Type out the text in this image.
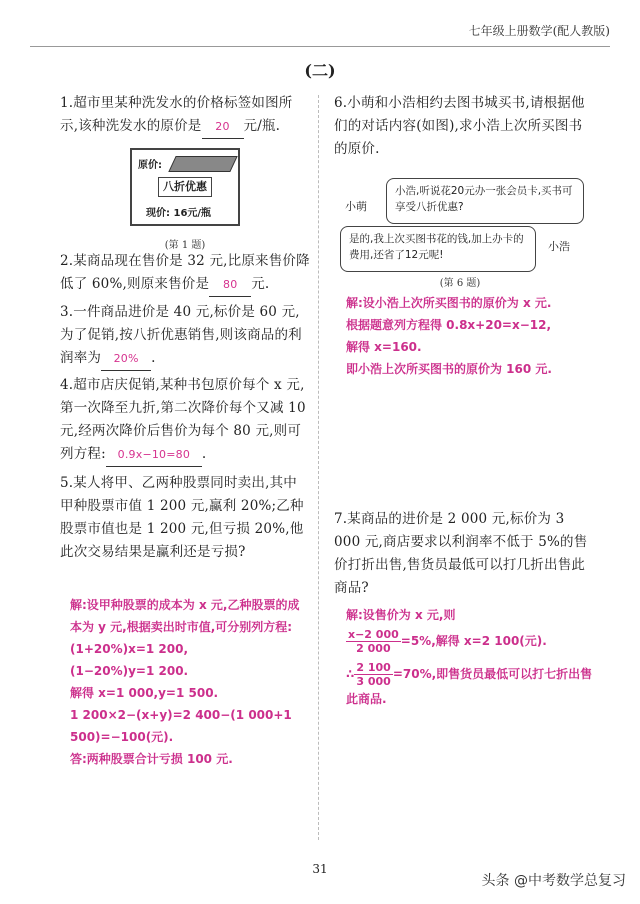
七年级上册数学(配人教版)
(二)
1.超市里某种洗发水的价格标签如图所示,该种洗发水的原价是 20 元/瓶.
原价:
八折优惠
现价: 16元/瓶
(第 1 题)
2.某商品现在售价是 32 元,比原来售价降低了 60%,则原来售价是 80 元.
3.一件商品进价是 40 元,标价是 60 元,为了促销,按八折优惠销售,则该商品的利润率为 20% .
4.超市店庆促销,某种书包原价每个 x 元,第一次降至九折,第二次降价每个又减 10 元,经两次降价后售价为每个 80 元,则可列方程: 0.9x−10=80 .
5.某人将甲、乙两种股票同时卖出,其中甲种股票市值 1 200 元,赢利 20%;乙种股票市值也是 1 200 元,但亏损 20%,他此次交易结果是赢利还是亏损?
解:设甲种股票的成本为 x 元,乙种股票的成本为 y 元,根据卖出时市值,可分别列方程:
(1+20%)x=1 200,
(1−20%)y=1 200.
解得 x=1 000,y=1 500.
1 200×2−(x+y)=2 400−(1 000+1 500)=−100(元).
答:两种股票合计亏损 100 元.
6.小萌和小浩相约去图书城买书,请根据他们的对话内容(如图),求小浩上次所买图书的原价.
小萌
小浩,听说花20元办一张会员卡,买书可享受八折优惠?
是的,我上次买图书花的钱,加上办卡的费用,还省了12元呢!
小浩
(第 6 题)
解:设小浩上次所买图书的原价为 x 元.
根据题意列方程得 0.8x+20=x−12,
解得 x=160.
即小浩上次所买图书的原价为 160 元.
7.某商品的进价是 2 000 元,标价为 3 000 元,商店要求以利润率不低于 5%的售价打折出售,售货员最低可以打几折出售此商品?
解:设售价为 x 元,则
$\frac{x-2 000}{2 000} =5\%$,解得 x=2 100(元).
∴ $\frac{2 100}{3 000} =70\%$,即售货员最低可以打七折出售此商品.
31
头条 @中考数学总复习
